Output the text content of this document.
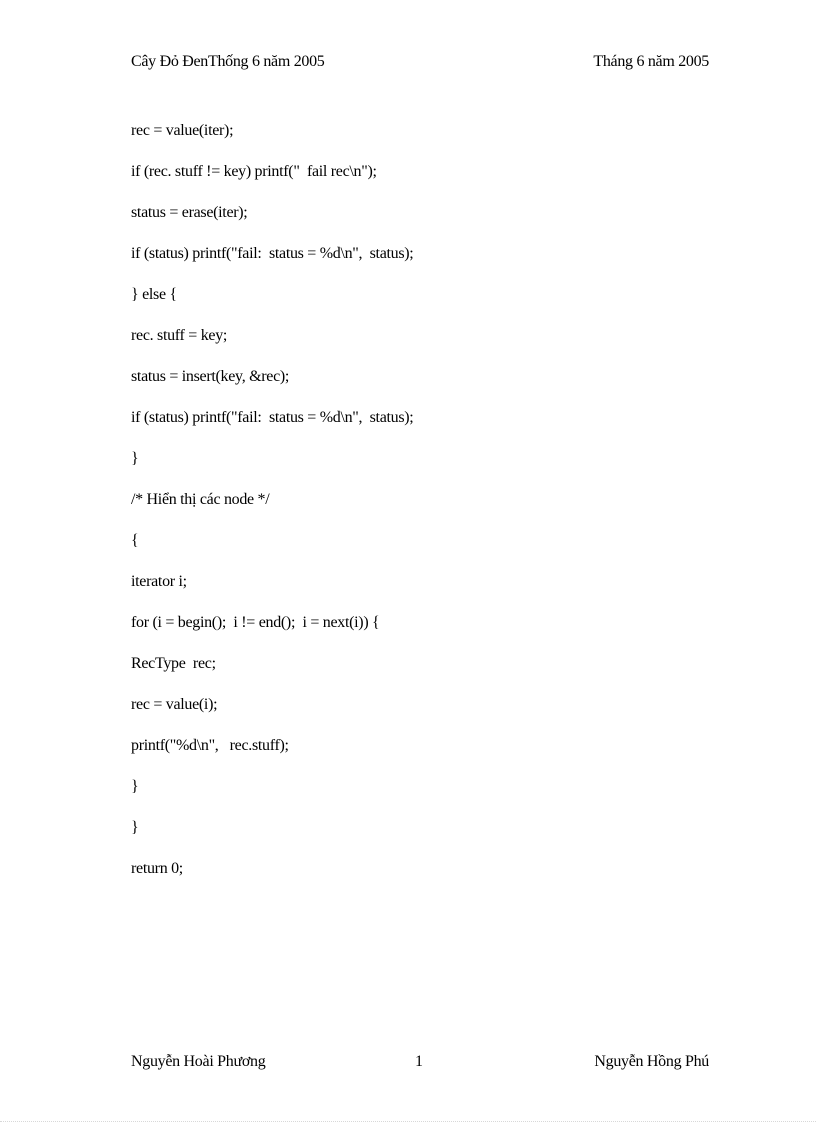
Cây Đỏ ĐenThống 6 năm 2005	Tháng 6 năm 2005
rec = value(iter);
if (rec. stuff != key) printf("  fail rec\n");
status = erase(iter);
if (status) printf("fail:  status = %d\n",  status);
} else {
rec. stuff = key;
status = insert(key, &rec);
if (status) printf("fail:  status = %d\n",  status);
}
/* Hiển thị các node */
{
iterator i;
for (i = begin();  i != end();  i = next(i)) {
RecType  rec;
rec = value(i);
printf("%d\n",   rec.stuff);
}
}
return 0;
Nguyễn Hoài Phương	1	Nguyễn Hồng Phú
